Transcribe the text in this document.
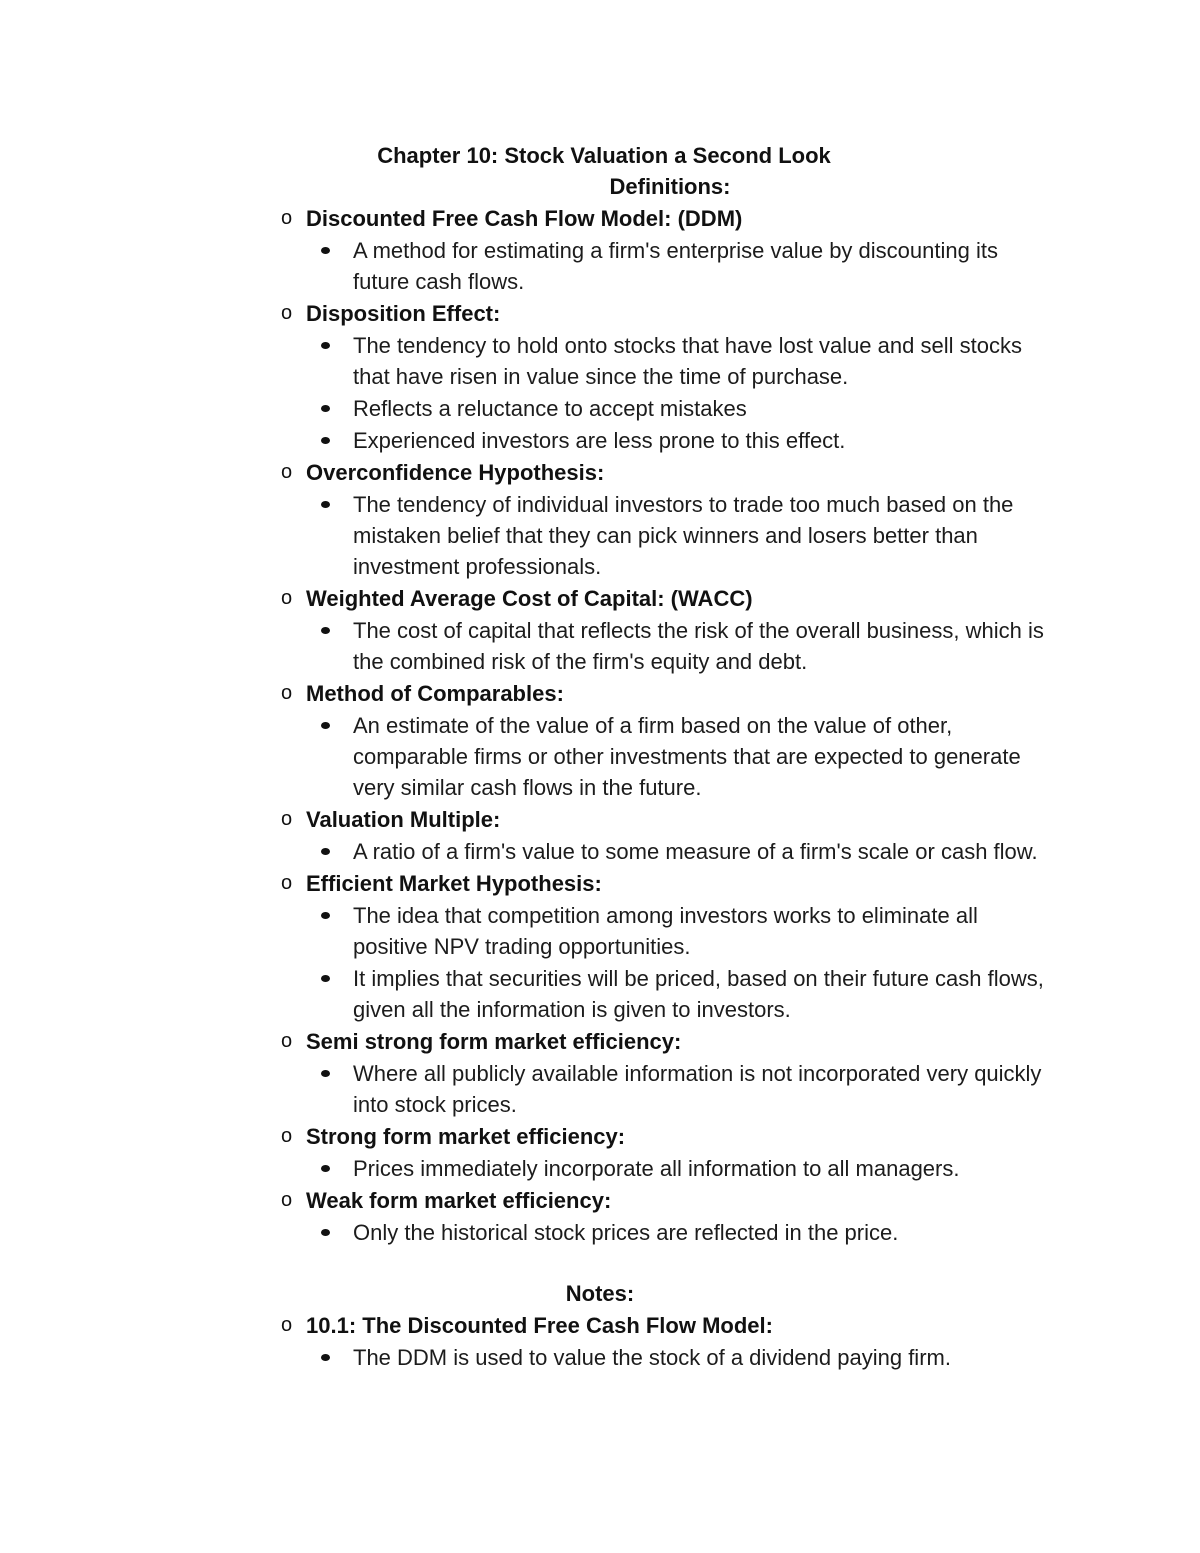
Chapter 10: Stock Valuation a Second Look
Definitions:

o Discounted Free Cash Flow Model: (DDM)

A method for estimating a firm's enterprise value by discounting its future cash flows.

o Disposition Effect:

The tendency to hold onto stocks that have lost value and sell stocks that have risen in value since the time of purchase.
Reflects a reluctance to accept mistakes
Experienced investors are less prone to this effect.

o Overconfidence Hypothesis:

The tendency of individual investors to trade too much based on the mistaken belief that they can pick winners and losers better than investment professionals.

o Weighted Average Cost of Capital: (WACC)

The cost of capital that reflects the risk of the overall business, which is the combined risk of the firm's equity and debt.

o Method of Comparables:

An estimate of the value of a firm based on the value of other, comparable firms or other investments that are expected to generate very similar cash flows in the future.

o Valuation Multiple:

A ratio of a firm's value to some measure of a firm's scale or cash flow.

o Efficient Market Hypothesis:

The idea that competition among investors works to eliminate all positive NPV trading opportunities.
It implies that securities will be priced, based on their future cash flows, given all the information is given to investors.

o Semi strong form market efficiency:

Where all publicly available information is not incorporated very quickly into stock prices.

o Strong form market efficiency:

Prices immediately incorporate all information to all managers.

o Weak form market efficiency:

Only the historical stock prices are reflected in the price.
Notes:

o 10.1: The Discounted Free Cash Flow Model:

The DDM is used to value the stock of a dividend paying firm.
